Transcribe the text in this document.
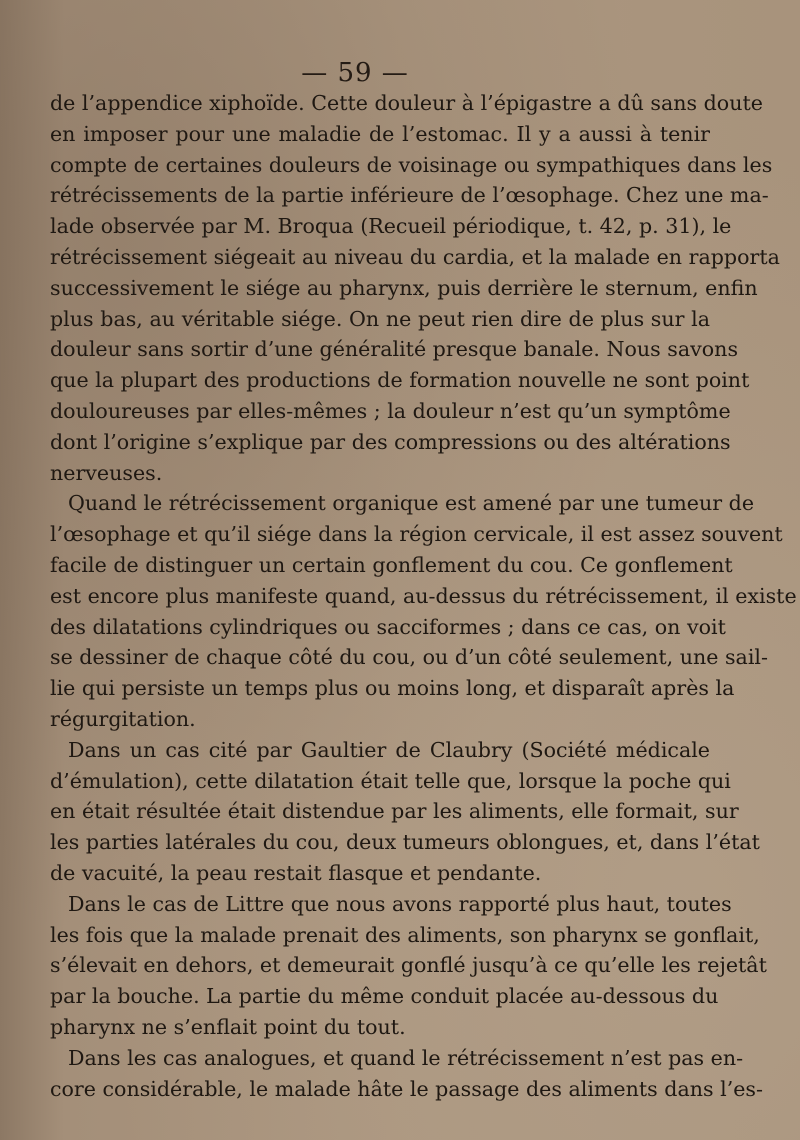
— 59 —
de l’appendice xiphoïde. Cette douleur à l’épigastre a dû sans doute
en imposer pour une maladie de l’estomac. Il y a aussi à tenir
compte de certaines douleurs de voisinage ou sympathiques dans les
rétrécissements de la partie inférieure de l’œsophage. Chez une ma-
lade observée par M. Broqua (Recueil périodique, t. 42, p. 31), le
rétrécissement siégeait au niveau du cardia, et la malade en rapporta
successivement le siége au pharynx, puis derrière le sternum, enfin
plus bas, au véritable siége. On ne peut rien dire de plus sur la
douleur sans sortir d’une généralité presque banale. Nous savons
que la plupart des productions de formation nouvelle ne sont point
douloureuses par elles-mêmes ; la douleur n’est qu’un symptôme
dont l’origine s’explique par des compressions ou des altérations
nerveuses.
Quand le rétrécissement organique est amené par une tumeur de
l’œsophage et qu’il siége dans la région cervicale, il est assez souvent
facile de distinguer un certain gonflement du cou. Ce gonflement
est encore plus manifeste quand, au-dessus du rétrécissement, il existe
des dilatations cylindriques ou sacciformes ; dans ce cas, on voit
se dessiner de chaque côté du cou, ou d’un côté seulement, une sail-
lie qui persiste un temps plus ou moins long, et disparaît après la
régurgitation.
Dans un cas cité par Gaultier de Claubry (Société médicale
d’émulation), cette dilatation était telle que, lorsque la poche qui
en était résultée était distendue par les aliments, elle formait, sur
les parties latérales du cou, deux tumeurs oblongues, et, dans l’état
de vacuité, la peau restait flasque et pendante.
Dans le cas de Littre que nous avons rapporté plus haut, toutes
les fois que la malade prenait des aliments, son pharynx se gonflait,
s’élevait en dehors, et demeurait gonflé jusqu’à ce qu’elle les rejetât
par la bouche. La partie du même conduit placée au-dessous du
pharynx ne s’enflait point du tout.
Dans les cas analogues, et quand le rétrécissement n’est pas en-
core considérable, le malade hâte le passage des aliments dans l’es-
